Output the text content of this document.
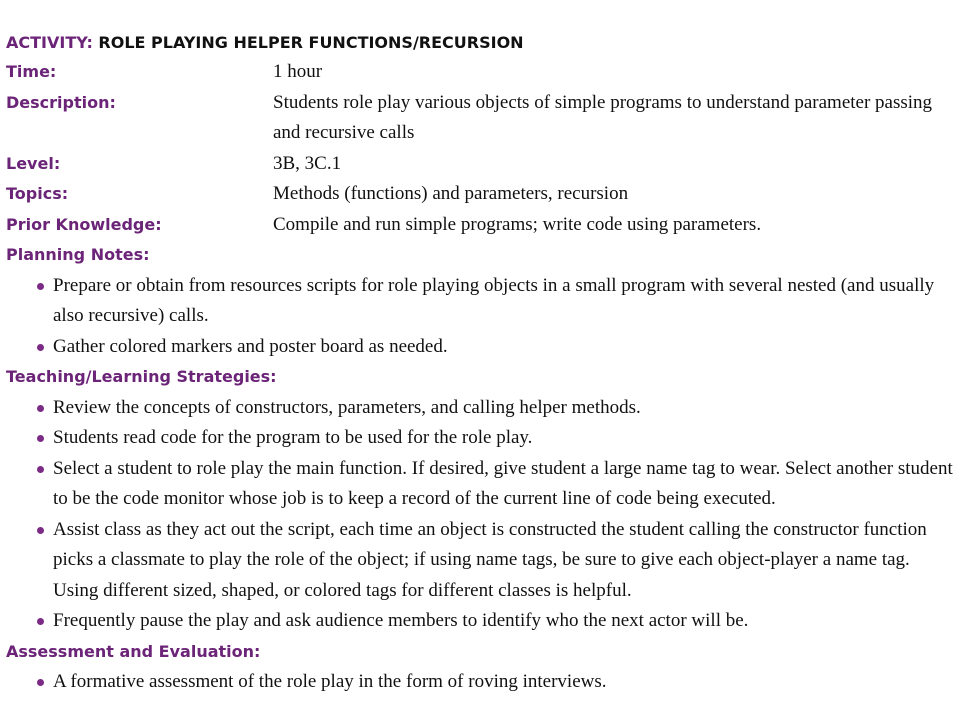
ACTIVITY: ROLE PLAYING HELPER FUNCTIONS/RECURSION
Time:	1 hour
Description:	Students role play various objects of simple programs to understand parameter passing and recursive calls
Level:	3B, 3C.1
Topics:	Methods (functions) and parameters, recursion
Prior Knowledge:	Compile and run simple programs; write code using parameters.
Planning Notes:
Prepare or obtain from resources scripts for role playing objects in a small program with several nested (and usually also recursive) calls.
Gather colored markers and poster board as needed.
Teaching/Learning Strategies:
Review the concepts of constructors, parameters, and calling helper methods.
Students read code for the program to be used for the role play.
Select a student to role play the main function. If desired, give student a large name tag to wear. Select another student to be the code monitor whose job is to keep a record of the current line of code being executed.
Assist class as they act out the script, each time an object is constructed the student calling the constructor function picks a classmate to play the role of the object; if using name tags, be sure to give each object-player a name tag. Using different sized, shaped, or colored tags for different classes is helpful.
Frequently pause the play and ask audience members to identify who the next actor will be.
Assessment and Evaluation:
A formative assessment of the role play in the form of roving interviews.
